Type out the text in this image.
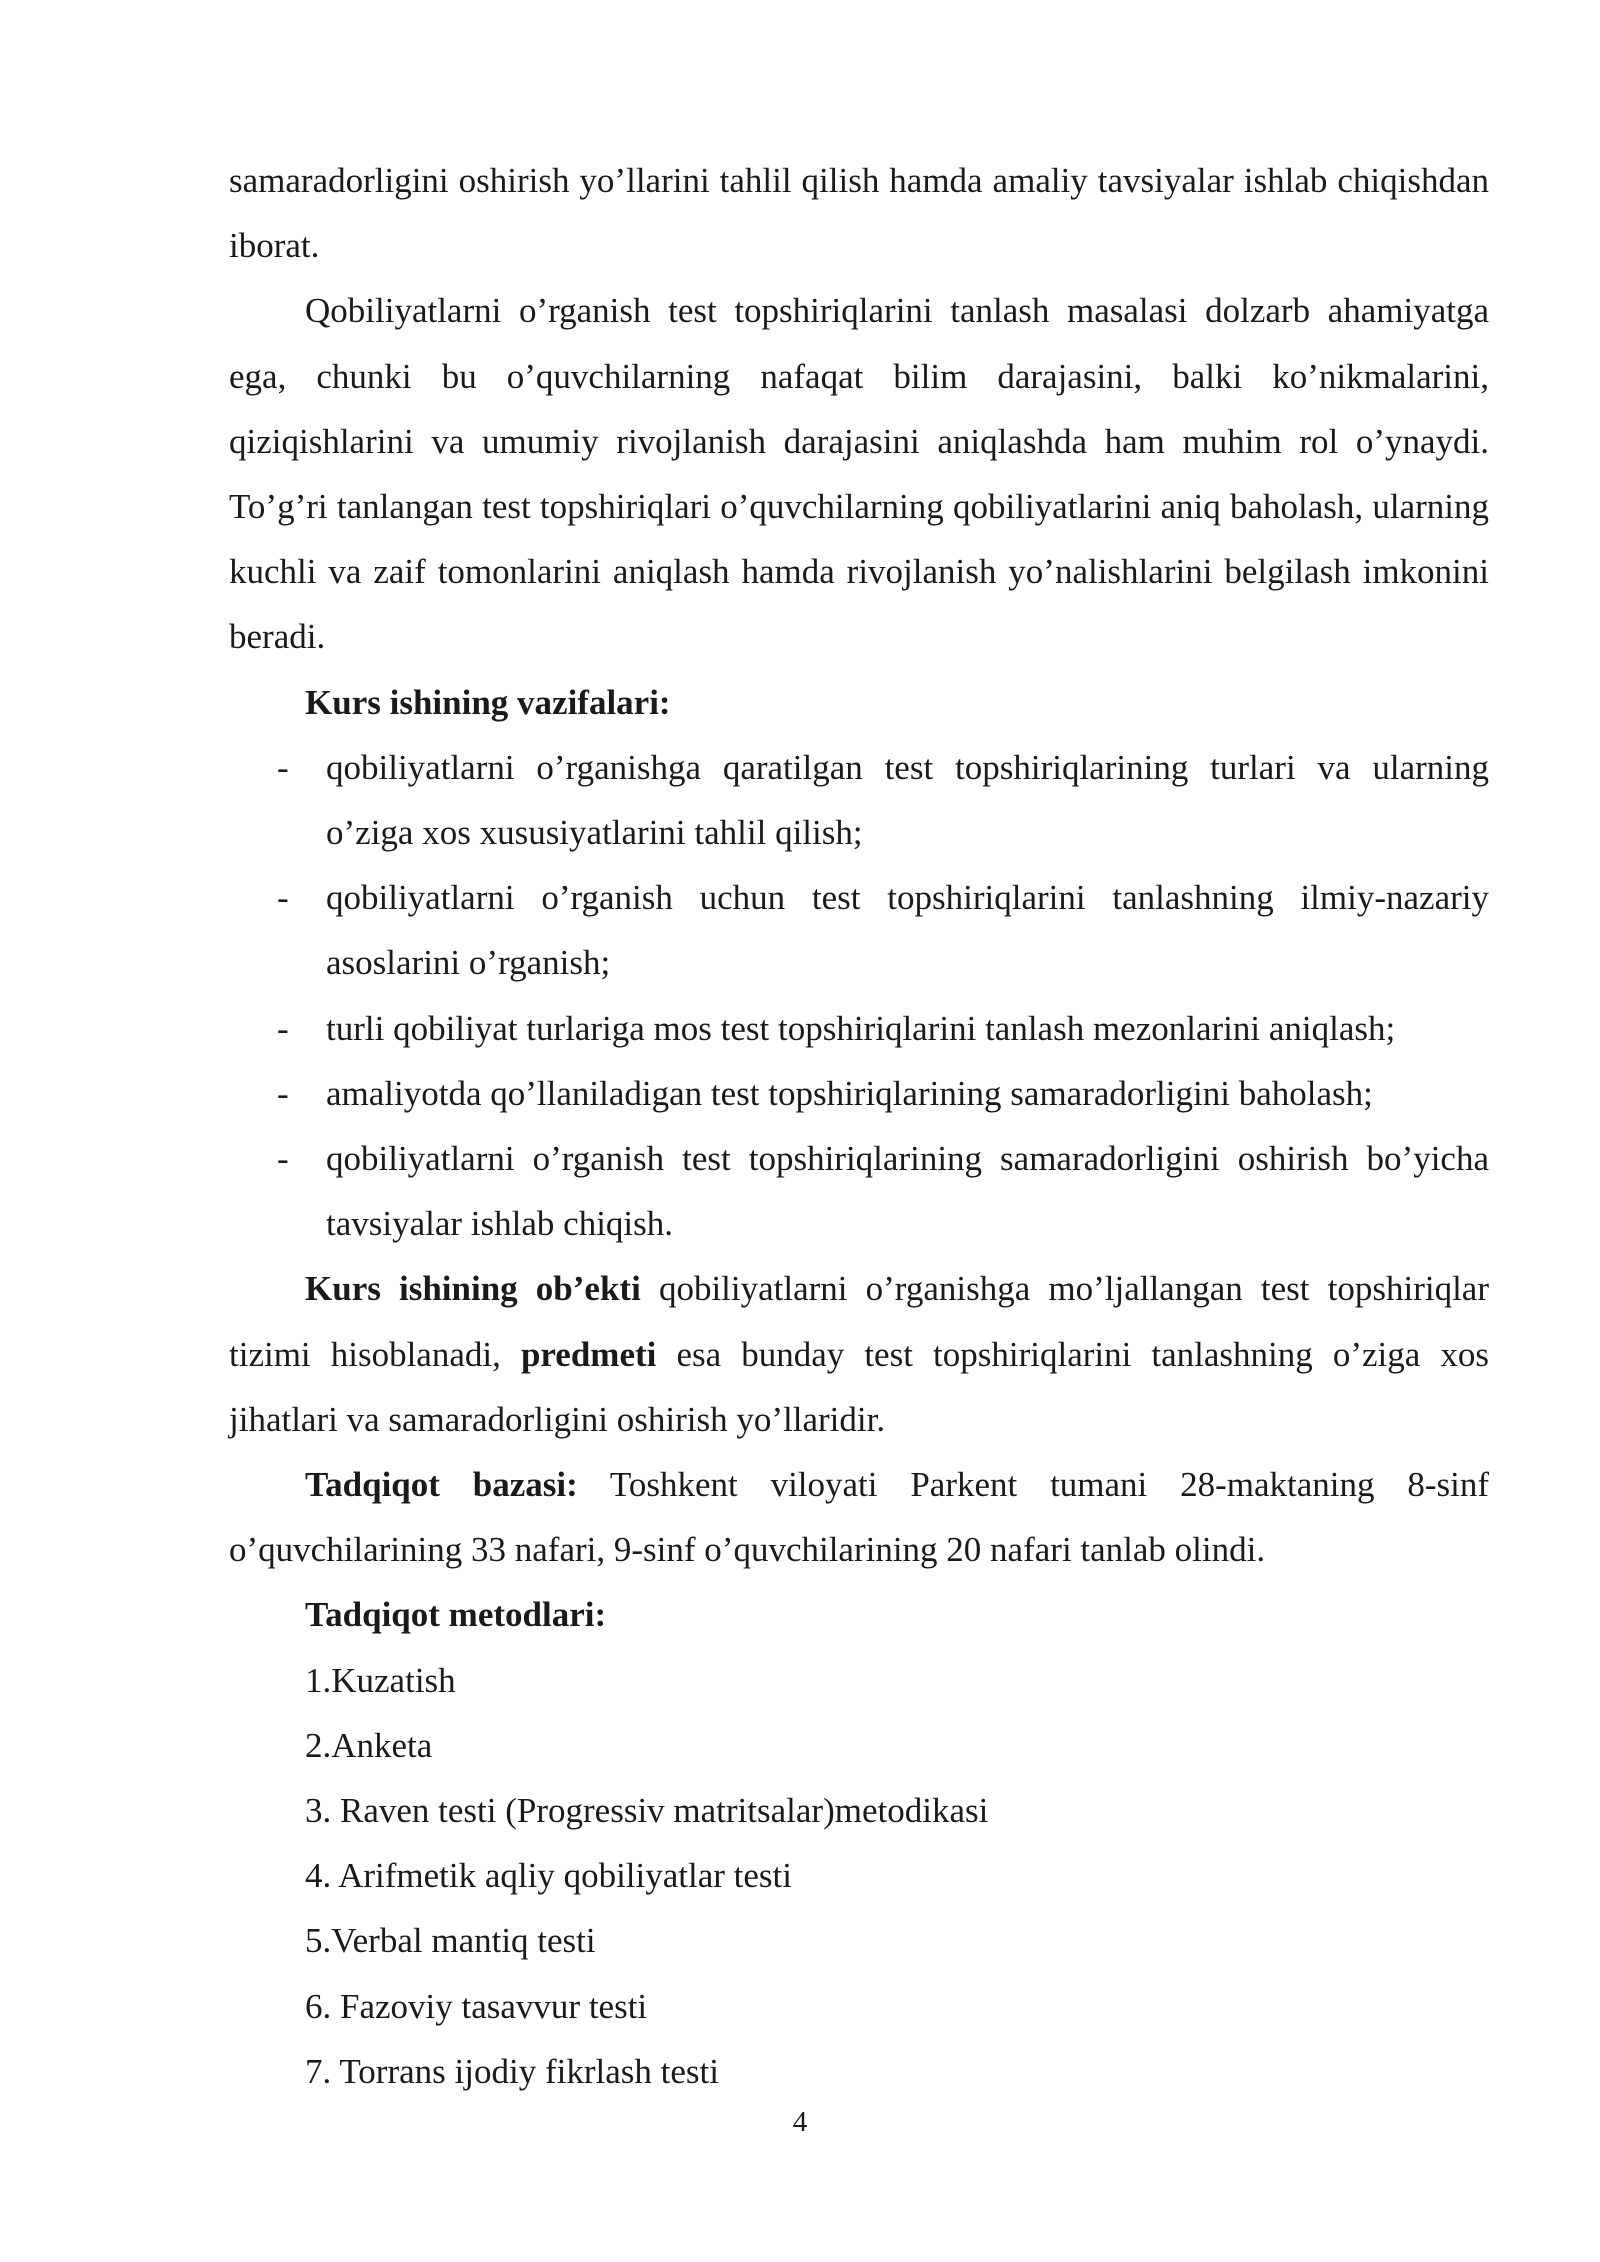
samaradorligini oshirish yo’llarini tahlil qilish hamda amaliy tavsiyalar ishlab chiqishdan iborat.

Qobiliyatlarni o’rganish test topshiriqlarini tanlash masalasi dolzarb ahamiyatga ega, chunki bu o’quvchilarning nafaqat bilim darajasini, balki ko’nikmalarini, qiziqishlarini va umumiy rivojlanish darajasini aniqlashda ham muhim rol o’ynaydi. To’g’ri tanlangan test topshiriqlari o’quvchilarning qobiliyatlarini aniq baholash, ularning kuchli va zaif tomonlarini aniqlash hamda rivojlanish yo’nalishlarini belgilash imkonini beradi.

Kurs ishining vazifalari:

- qobiliyatlarni o’rganishga qaratilgan test topshiriqlarining turlari va ularning o’ziga xos xususiyatlarini tahlil qilish;
- qobiliyatlarni o’rganish uchun test topshiriqlarini tanlashning ilmiy-nazariy asoslarini o’rganish;
- turli qobiliyat turlariga mos test topshiriqlarini tanlash mezonlarini aniqlash;
- amaliyotda qo’llaniladigan test topshiriqlarining samaradorligini baholash;
- qobiliyatlarni o’rganish test topshiriqlarining samaradorligini oshirish bo’yicha tavsiyalar ishlab chiqish.

Kurs ishining ob’ekti qobiliyatlarni o’rganishga mo’ljallangan test topshiriqlar tizimi hisoblanadi, predmeti esa bunday test topshiriqlarini tanlashning o’ziga xos jihatlari va samaradorligini oshirish yo’llaridir.

Tadqiqot bazasi: Toshkent viloyati Parkent tumani 28-maktaning 8-sinf o’quvchilarining 33 nafari, 9-sinf o’quvchilarining 20 nafari tanlab olindi.

Tadqiqot metodlari:

1.Kuzatish
2.Anketa
3. Raven testi (Progressiv matritsalar)metodikasi
4. Arifmetik aqliy qobiliyatlar testi
5.Verbal mantiq testi
6. Fazoviy tasavvur testi
7. Torrans ijodiy fikrlash testi
4
